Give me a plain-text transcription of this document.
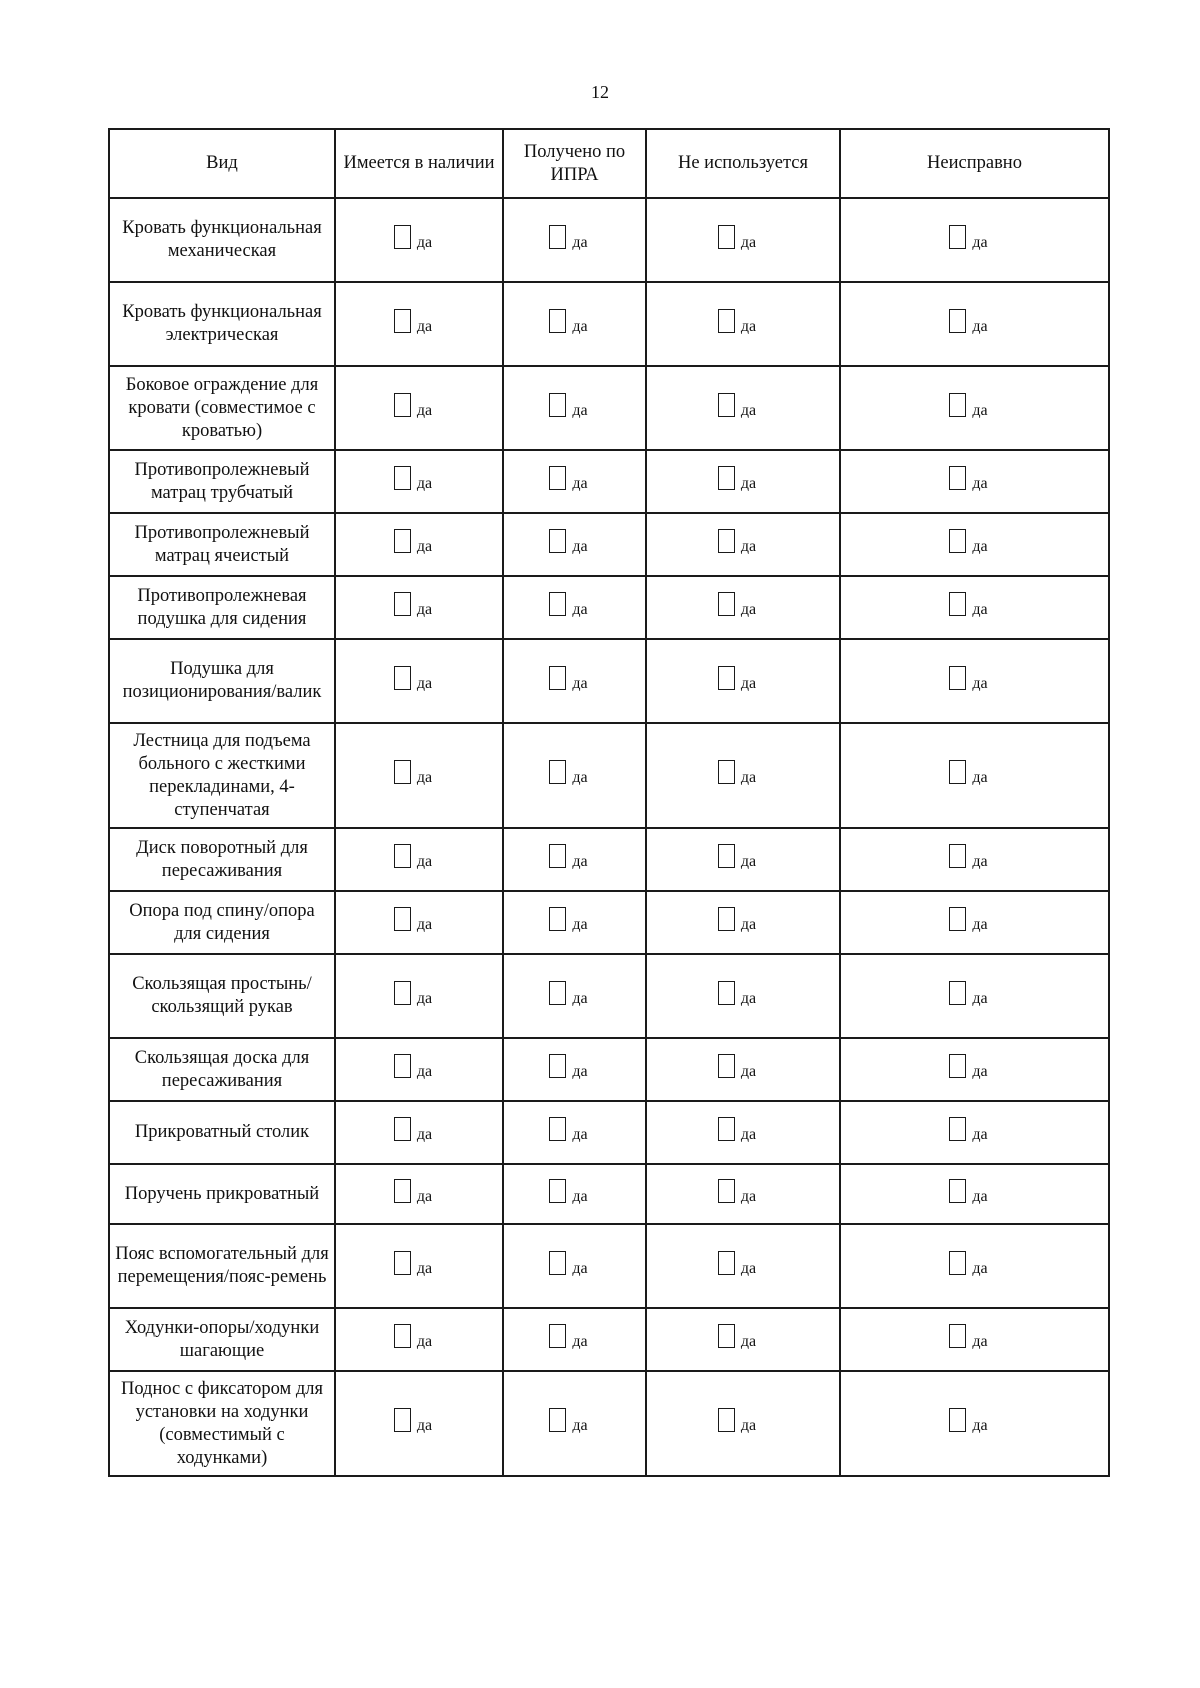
12
Вид	Имеется в наличии	Получено по ИПРА	Не используется	Неисправно
Кровать функциональная механическая	да	да	да	да

Кровать функциональная электрическая	да	да	да	да

Боковое ограждение для кровати (совместимое с кроватью)	да	да	да	да

Противопролежневый матрац трубчатый	да	да	да	да

Противопролежневый матрац ячеистый	да	да	да	да

Противопролежневая подушка для сидения	да	да	да	да

Подушка для позиционирования/валик	да	да	да	да

Лестница для подъема больного с жесткими перекладинами, 4-ступенчатая	да	да	да	да

Диск поворотный для пересаживания	да	да	да	да

Опора под спину/опора для сидения	да	да	да	да

Скользящая простынь/скользящий рукав	да	да	да	да

Скользящая доска для пересаживания	да	да	да	да

Прикроватный столик	да	да	да	да

Поручень прикроватный	да	да	да	да

Пояс вспомогательный для перемещения/пояс-ремень	да	да	да	да

Ходунки-опоры/ходунки шагающие	да	да	да	да

Поднос с фиксатором для установки на ходунки (совместимый с ходунками)	да	да	да	да
